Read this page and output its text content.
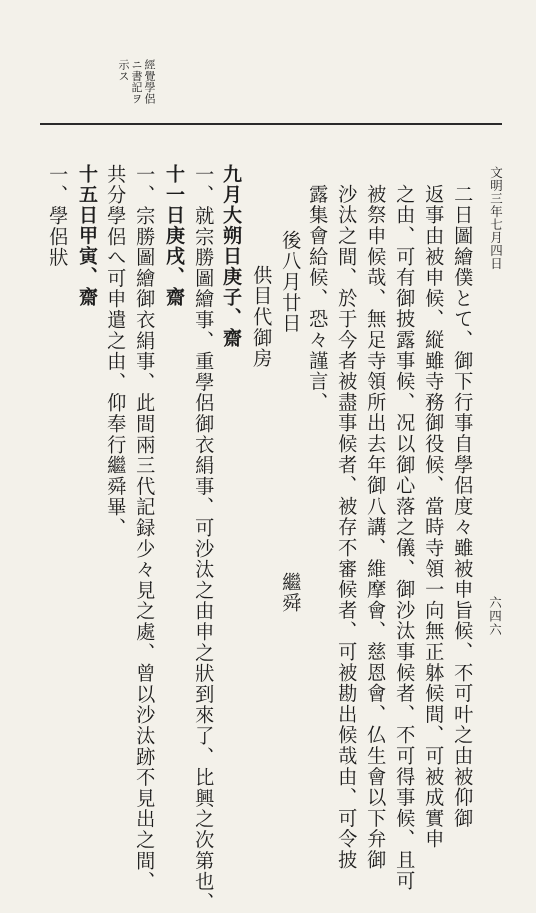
文明三年七月四日
六四六
經覺學侶
ニ書記ヲ
示ス
二日圖繪僕とて、御下行事自學侶度々雖被申旨候、不可叶之由被仰御
返事由被申候、縦雖寺務御役候、當時寺領一向無正躰候間、可被成實申
之由、可有御披露事候、况以御心落之儀、御沙汰事候者、不可得事候、且可
被祭申候哉、無足寺領所出去年御八講、維摩會、慈恩會、仏生會以下弁御
沙汰之間、於于今者被盡事候者、被存不審候者、可被勘出候哉由、可令披
露集會給候、恐々謹言、
繼舜
後八月廿日
供目代御房
九月大朔日庚子、齋
一、就宗勝圖繪事、重學侶御衣絹事、可沙汰之由申之狀到來了、比興之次第也、
十一日庚戌、齋
一、宗勝圖繪御衣絹事、此間兩三代記録少々見之處、曾以沙汰跡不見出之間、
共分學侶へ可申遣之由、仰奉行繼舜畢、
十五日甲寅、齋
一、學侶狀
